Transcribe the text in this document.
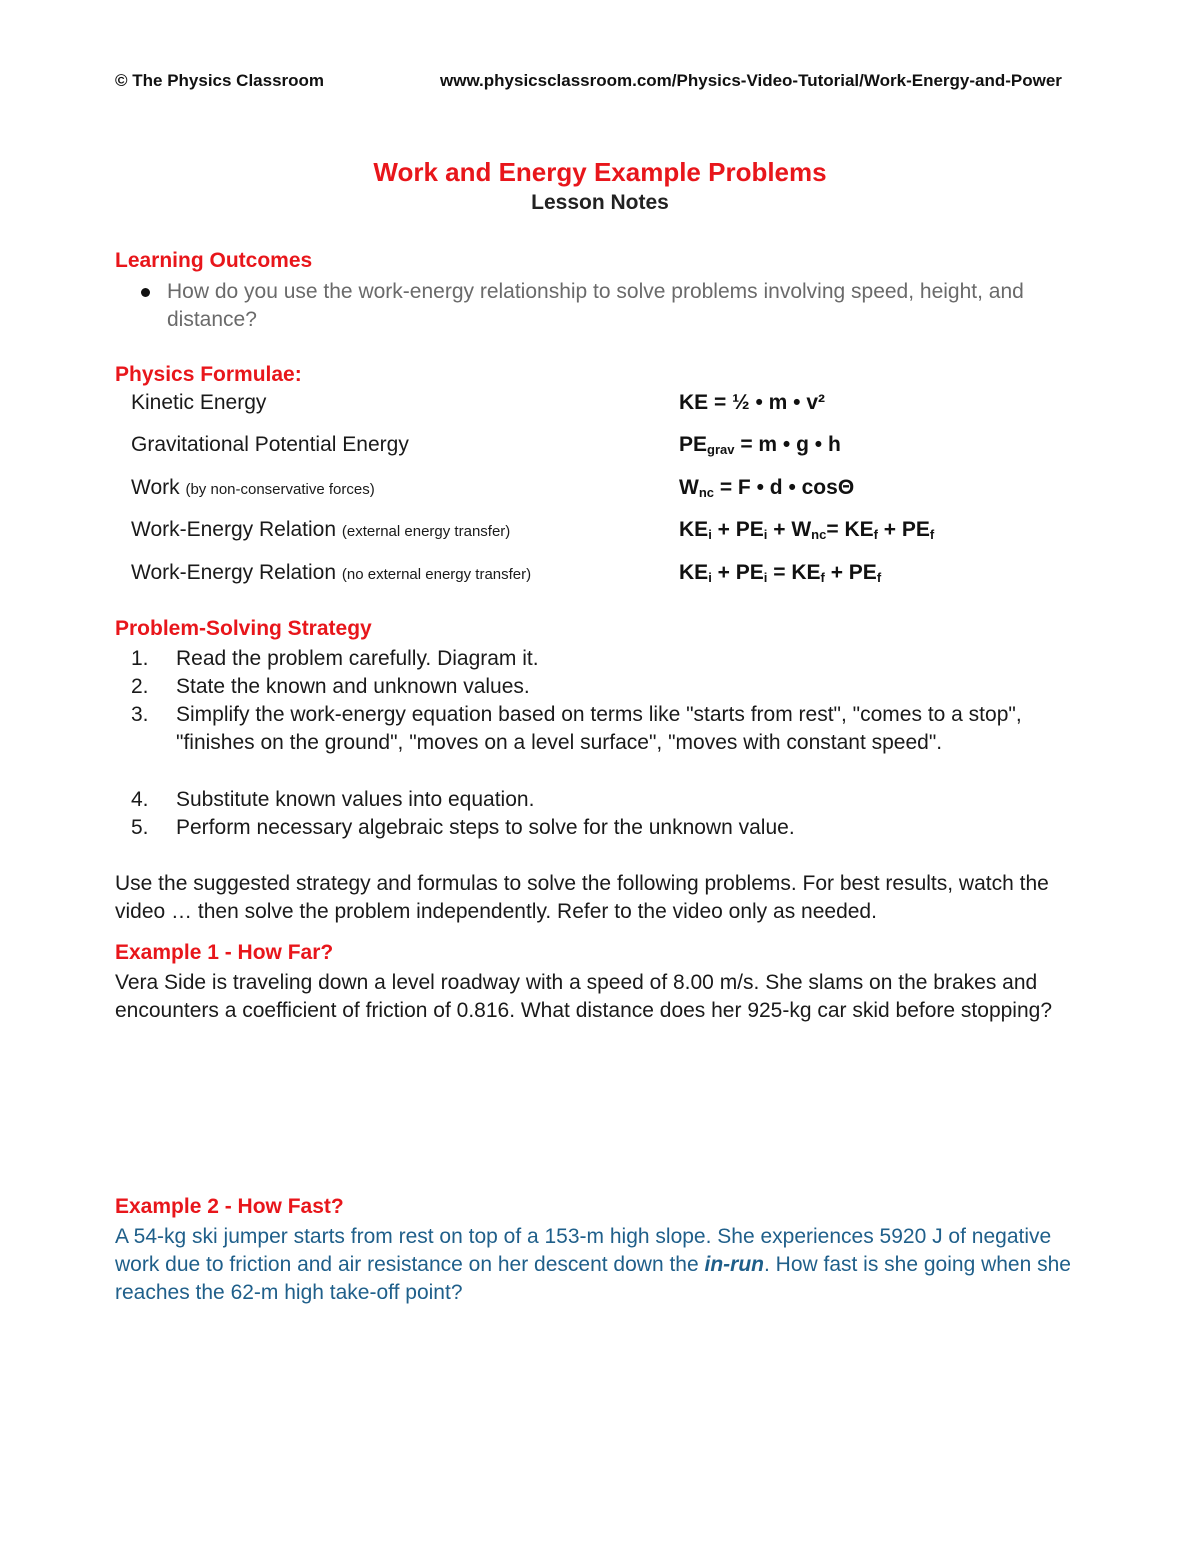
© The Physics Classroom	www.physicsclassroom.com/Physics-Video-Tutorial/Work-Energy-and-Power
Work and Energy Example Problems
Lesson Notes
Learning Outcomes
How do you use the work-energy relationship to solve problems involving speed, height, and distance?
Physics Formulae:
Kinetic Energy	KE = ½ • m • v²
Gravitational Potential Energy	$PE_{grav} = m$ • g • h
Work (by non-conservative forces)	$W_{nc} = F$ • d • cosΘ
Work-Energy Relation (external energy transfer)	$KE_i + PE_i + W_{nc}= KE_f + PE_f$
Work-Energy Relation (no external energy transfer)	$KE_i + PE_i = KE_f + PE_f$
Problem-Solving Strategy
1. Read the problem carefully. Diagram it.
2. State the known and unknown values.
3. Simplify the work-energy equation based on terms like "starts from rest", "comes to a stop", "finishes on the ground", "moves on a level surface", "moves with constant speed".
4. Substitute known values into equation.
5. Perform necessary algebraic steps to solve for the unknown value.
Use the suggested strategy and formulas to solve the following problems. For best results, watch the video … then solve the problem independently. Refer to the video only as needed.
Example 1 - How Far?
Vera Side is traveling down a level roadway with a speed of 8.00 m/s. She slams on the brakes and encounters a coefficient of friction of 0.816. What distance does her 925-kg car skid before stopping?
Example 2 - How Fast?
A 54-kg ski jumper starts from rest on top of a 153-m high slope. She experiences 5920 J of negative work due to friction and air resistance on her descent down the in-run. How fast is she going when she reaches the 62-m high take-off point?
